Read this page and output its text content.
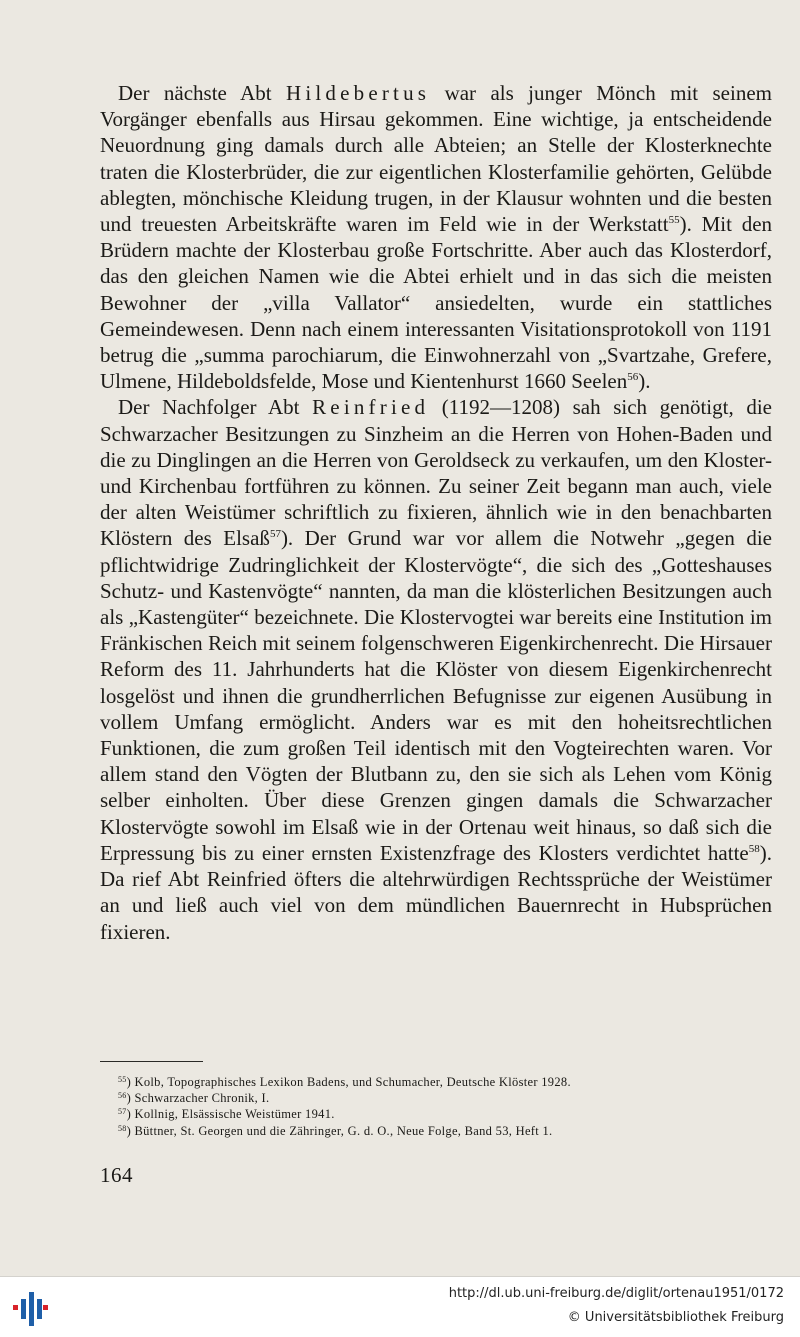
Der nächste Abt Hildebertus war als junger Mönch mit seinem Vorgänger ebenfalls aus Hirsau gekommen. Eine wichtige, ja entscheidende Neuordnung ging damals durch alle Abteien; an Stelle der Klosterknechte traten die Klosterbrüder, die zur eigentlichen Klosterfamilie gehörten, Gelübde ablegten, mönchische Kleidung trugen, in der Klausur wohnten und die besten und treuesten Arbeitskräfte waren im Feld wie in der Werkstatt$^{55}$). Mit den Brüdern machte der Klosterbau große Fortschritte. Aber auch das Klosterdorf, das den gleichen Namen wie die Abtei erhielt und in das sich die meisten Bewohner der „villa Vallator“ ansiedelten, wurde ein stattliches Gemeindewesen. Denn nach einem interessanten Visitationsprotokoll von 1191 betrug die „summa parochiarum, die Einwohnerzahl von „Svartzahe, Grefere, Ulmene, Hildeboldsfelde, Mose und Kientenhurst 1660 Seelen$^{56}$).

Der Nachfolger Abt Reinfried (1192—1208) sah sich genötigt, die Schwarzacher Besitzungen zu Sinzheim an die Herren von Hohen-Baden und die zu Dinglingen an die Herren von Geroldseck zu verkaufen, um den Kloster- und Kirchenbau fortführen zu können. Zu seiner Zeit begann man auch, viele der alten Weistümer schriftlich zu fixieren, ähnlich wie in den benachbarten Klöstern des Elsaß$^{57}$). Der Grund war vor allem die Notwehr „gegen die pflichtwidrige Zudringlichkeit der Klostervögte“, die sich des „Gotteshauses Schutz- und Kastenvögte“ nannten, da man die klösterlichen Besitzungen auch als „Kastengüter“ bezeichnete. Die Klostervogtei war bereits eine Institution im Fränkischen Reich mit seinem folgenschweren Eigenkirchenrecht. Die Hirsauer Reform des 11. Jahrhunderts hat die Klöster von diesem Eigenkirchenrecht losgelöst und ihnen die grundherrlichen Befugnisse zur eigenen Ausübung in vollem Umfang ermöglicht. Anders war es mit den hoheitsrechtlichen Funktionen, die zum großen Teil identisch mit den Vogteirechten waren. Vor allem stand den Vögten der Blutbann zu, den sie sich als Lehen vom König selber einholten. Über diese Grenzen gingen damals die Schwarzacher Klostervögte sowohl im Elsaß wie in der Ortenau weit hinaus, so daß sich die Erpressung bis zu einer ernsten Existenzfrage des Klosters verdichtet hatte$^{58}$). Da rief Abt Reinfried öfters die altehrwürdigen Rechtssprüche der Weistümer an und ließ auch viel von dem mündlichen Bauernrecht in Hubsprüchen fixieren.

$^{55}$) Kolb, Topographisches Lexikon Badens, und Schumacher, Deutsche Klöster 1928.

$^{56}$) Schwarzacher Chronik, I.

$^{57}$) Kollnig, Elsässische Weistümer 1941.

$^{58}$) Büttner, St. Georgen und die Zähringer, G. d. O., Neue Folge, Band 53, Heft 1.

164
http://dl.ub.uni-freiburg.de/diglit/ortenau1951/0172
© Universitätsbibliothek Freiburg
